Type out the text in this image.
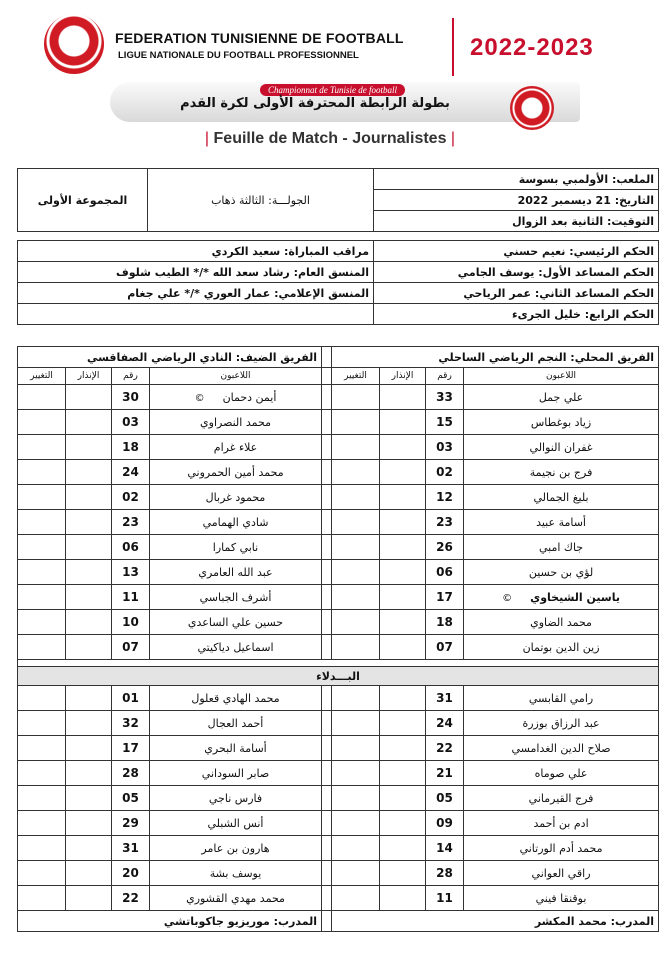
FEDERATION TUNISIENNE DE FOOTBALL
LIGUE NATIONALE DU FOOTBALL PROFESSIONNEL	2022-2023
Championnat de Tunisie de football
بطولة الرابطة المحترفة الأولى لكرة القدم
| Feuille de Match - Journalistes |
المجموعة الأولى	الجولـــة: الثالثة ذهاب	الملعب: الأولمبي بسوسة
التاريخ: 21 ديسمبر 2022
التوقيت: الثانية بعد الزوال
مراقب المباراة: سعيد الكردي	الحكم الرئيسي: نعيم حسني
المنسق العام: رشاد سعد الله */* الطيب شلوف	الحكم المساعد الأول: يوسف الجامي
المنسق الإعلامي: عمار العوري */* علي جغام	الحكم المساعد الثاني: عمر الرياحي
	الحكم الرابع: خليل الجرىء
الفريق الضيف: النادي الرياضي الصفاقسي					الفريق المحلي: النجم الرياضي الساحلي			
التغيير	الإنذار	رقم	اللاعبون		التغيير	الإنذار	رقم	اللاعبون
		30	أيمن دحمان©				33	علي جمل
		03	محمد النصراوي				15	زياد بوغطاس
		18	علاء غرام				03	غفران النوالي
		24	محمد أمين الحمروني				02	فرج بن نجيمة
		02	محمود غربال				12	بليغ الجمالي
		23	شادي الهمامي				23	أسامة عبيد
		06	نابي كمارا				26	جاك امبي
		13	عبد الله العامري				06	لؤي بن حسين
		11	أشرف الجباسي				17	ياسين الشيخاوي©
		10	حسين علي الساعدي				18	محمد الضاوي
		07	اسماعيل دياكيتي				07	زين الدين بوتمان

البـــدلاء								
		01	محمد الهادي قعلول				31	رامي القابسي
		32	أحمد العجال				24	عبد الرزاق بوزرة
		17	أسامة البحري				22	صلاح الدين الغدامسي
		28	صابر السوداني				21	علي صوماه
		05	فارس ناجي				05	فرج القيرماني
		29	أنس الشبلي				09	ادم بن أحمد
		31	هارون بن عامر				14	محمد أدم الورتاني
		20	يوسف بشة				28	راقي العواني
		22	محمد مهدي القشوري				11	بوقنقا فيني
المدرب: موريزيو جاكوباتشي					المدرب: محمد المكشر			
